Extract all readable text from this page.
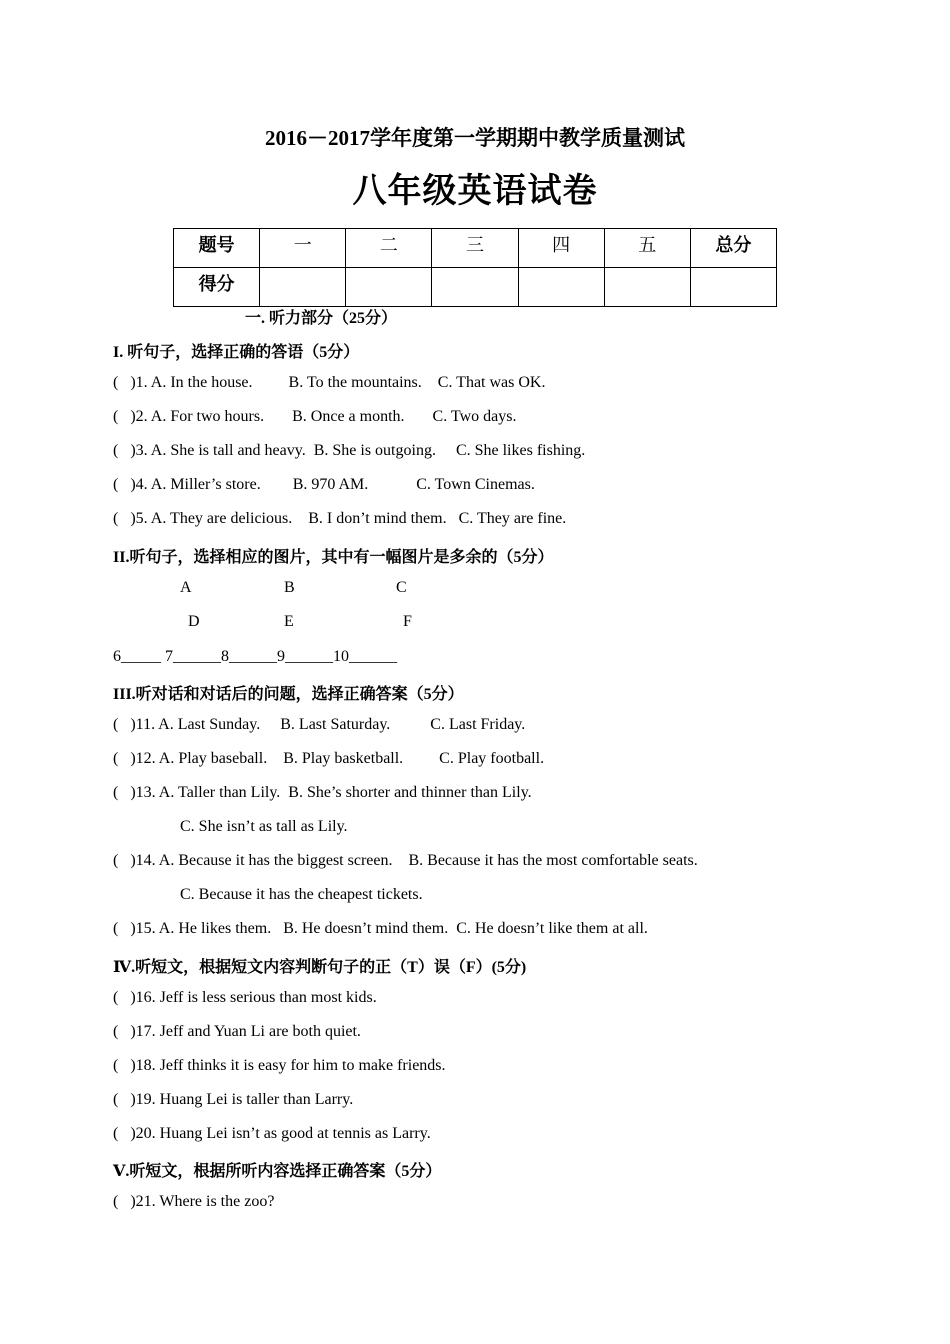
2016－2017学年度第一学期期中教学质量测试
八年级英语试卷
题号	一	二	三	四	五	总分
得分						
一. 听力部分（25分）
I. 听句子，选择正确的答语（5分）
(   )1. A. In the house.         B. To the mountains.    C. That was OK.
(   )2. A. For two hours.       B. Once a month.       C. Two days.
(   )3. A. She is tall and heavy.  B. She is outgoing.     C. She likes fishing.
(   )4. A. Miller’s store.        B. 970 AM.            C. Town Cinemas.
(   )5. A. They are delicious.    B. I don’t mind them.   C. They are fine.
II.听句子，选择相应的图片，其中有一幅图片是多余的（5分）
A	B	C
D	E	F
6_____ 7______8______9______10______
III.听对话和对话后的问题，选择正确答案（5分）
(   )11. A. Last Sunday.     B. Last Saturday.          C. Last Friday.
(   )12. A. Play baseball.    B. Play basketball.         C. Play football.
(   )13. A. Taller than Lily.  B. She’s shorter and thinner than Lily.
C. She isn’t as tall as Lily.
(   )14. A. Because it has the biggest screen.    B. Because it has the most comfortable seats.
C. Because it has the cheapest tickets.
(   )15. A. He likes them.   B. He doesn’t mind them.  C. He doesn’t like them at all.
Ⅳ.听短文，根据短文内容判断句子的正（T）误（F）(5分)
(   )16. Jeff is less serious than most kids.
(   )17. Jeff and Yuan Li are both quiet.
(   )18. Jeff thinks it is easy for him to make friends.
(   )19. Huang Lei is taller than Larry.
(   )20. Huang Lei isn’t as good at tennis as Larry.
Ⅴ.听短文，根据所听内容选择正确答案（5分）
(   )21. Where is the zoo?
